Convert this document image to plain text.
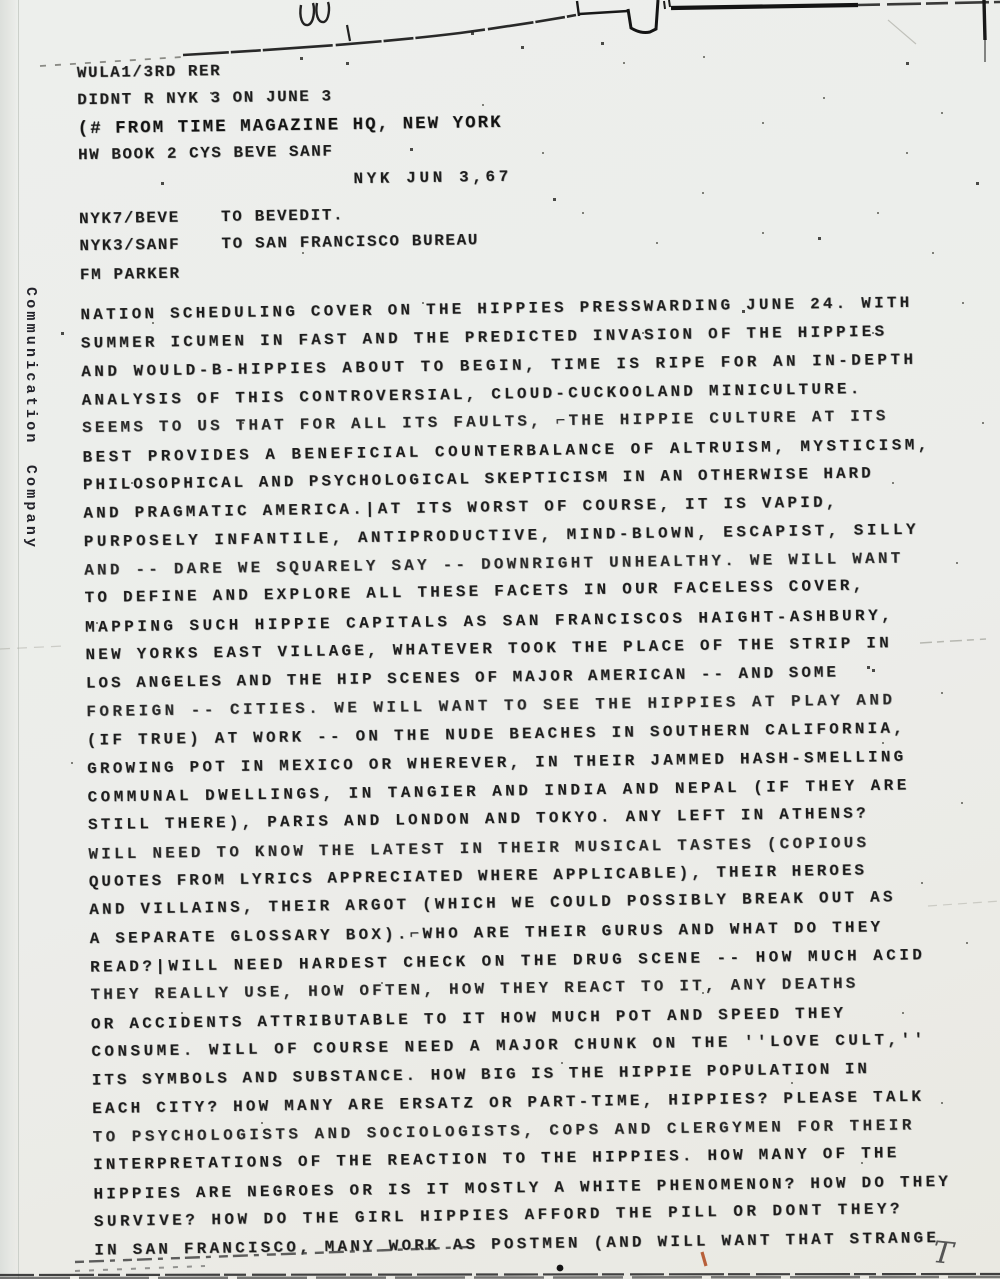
Communication Company
WULA1/3RD RER
DIDNT R NYK 3 ON JUNE 3
(# FROM TIME MAGAZINE HQ, NEW YORK
HW BOOK 2 CYS BEVE SANF
NYK JUN 3,67
NYK7/BEVE	TO BEVEDIT.
NYK3/SANF	TO SAN FRANCISCO BUREAU
FM PARKER
NATION SCHEDULING COVER ON THE HIPPIES PRESSWARDING JUNE 24. WITH
SUMMER ICUMEN IN FAST AND THE PREDICTED INVASION OF THE HIPPIES
AND WOULD-B-HIPPIES ABOUT TO BEGIN, TIME IS RIPE FOR AN IN-DEPTH
ANALYSIS OF THIS CONTROVERSIAL, CLOUD-CUCKOOLAND MINICULTURE.
SEEMS TO US THAT FOR ALL ITS FAULTS, ⌐THE HIPPIE CULTURE AT ITS
BEST PROVIDES A BENEFICIAL COUNTERBALANCE OF ALTRUISM, MYSTICISM,
PHILOSOPHICAL AND PSYCHOLOGICAL SKEPTICISM IN AN OTHERWISE HARD
AND PRAGMATIC AMERICA.|AT ITS WORST OF COURSE, IT IS VAPID,
PURPOSELY INFANTILE, ANTIPRODUCTIVE, MIND-BLOWN, ESCAPIST, SILLY
AND -- DARE WE SQUARELY SAY -- DOWNRIGHT UNHEALTHY. WE WILL WANT
TO DEFINE AND EXPLORE ALL THESE FACETS IN OUR FACELESS COVER,
MAPPING SUCH HIPPIE CAPITALS AS SAN FRANCISCOS HAIGHT-ASHBURY,
NEW YORKS EAST VILLAGE, WHATEVER TOOK THE PLACE OF THE STRIP IN
LOS ANGELES AND THE HIP SCENES OF MAJOR AMERICAN -- AND SOME
FOREIGN -- CITIES. WE WILL WANT TO SEE THE HIPPIES AT PLAY AND
(IF TRUE) AT WORK -- ON THE NUDE BEACHES IN SOUTHERN CALIFORNIA,
GROWING POT IN MEXICO OR WHEREVER, IN THEIR JAMMED HASH-SMELLING
COMMUNAL DWELLINGS, IN TANGIER AND INDIA AND NEPAL (IF THEY ARE
STILL THERE), PARIS AND LONDON AND TOKYO. ANY LEFT IN ATHENS?
WILL NEED TO KNOW THE LATEST IN THEIR MUSICAL TASTES (COPIOUS
QUOTES FROM LYRICS APPRECIATED WHERE APPLICABLE), THEIR HEROES
AND VILLAINS, THEIR ARGOT (WHICH WE COULD POSSIBLY BREAK OUT AS
A SEPARATE GLOSSARY BOX).⌐WHO ARE THEIR GURUS AND WHAT DO THEY
READ?|WILL NEED HARDEST CHECK ON THE DRUG SCENE -- HOW MUCH ACID
THEY REALLY USE, HOW OFTEN, HOW THEY REACT TO IT, ANY DEATHS
OR ACCIDENTS ATTRIBUTABLE TO IT HOW MUCH POT AND SPEED THEY
CONSUME. WILL OF COURSE NEED A MAJOR CHUNK ON THE ''LOVE CULT,''
ITS SYMBOLS AND SUBSTANCE. HOW BIG IS THE HIPPIE POPULATION IN
EACH CITY? HOW MANY ARE ERSATZ OR PART-TIME, HIPPIES? PLEASE TALK
TO PSYCHOLOGISTS AND SOCIOLOGISTS, COPS AND CLERGYMEN FOR THEIR
INTERPRETATIONS OF THE REACTION TO THE HIPPIES. HOW MANY OF THE
HIPPIES ARE NEGROES OR IS IT MOSTLY A WHITE PHENOMENON? HOW DO THEY
SURVIVE? HOW DO THE GIRL HIPPIES AFFORD THE PILL OR DONT THEY?
IN SAN FRANCISCO, MANY WORK AS POSTMEN (AND WILL WANT THAT STRANGE
T
